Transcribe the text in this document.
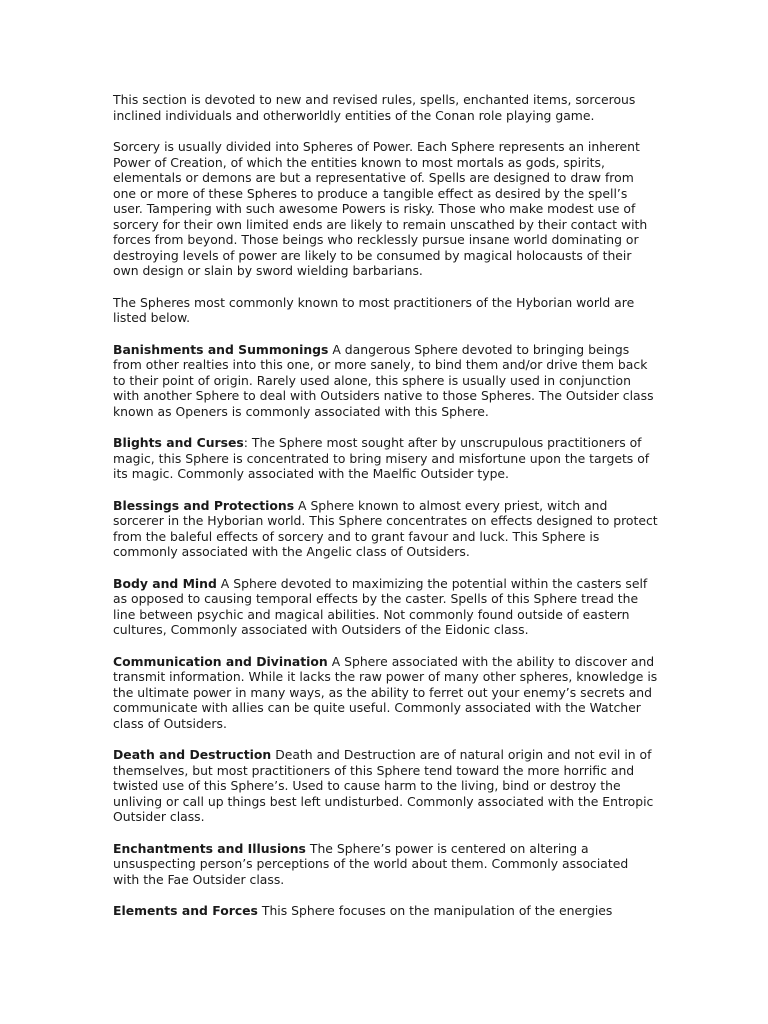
This section is devoted to new and revised rules, spells, enchanted items, sorcerous inclined individuals and otherworldly entities of the Conan role playing game.

Sorcery is usually divided into Spheres of Power. Each Sphere represents an inherent Power of Creation, of which the entities known to most mortals as gods, spirits, elementals or demons are but a representative of. Spells are designed to draw from one or more of these Spheres to produce a tangible effect as desired by the spell’s user. Tampering with such awesome Powers is risky. Those who make modest use of sorcery for their own limited ends are likely to remain unscathed by their contact with forces from beyond. Those beings who recklessly pursue insane world dominating or destroying levels of power are likely to be consumed by magical holocausts of their own design or slain by sword wielding barbarians.

The Spheres most commonly known to most practitioners of the Hyborian world are listed below.

Banishments and Summonings A dangerous Sphere devoted to bringing beings from other realties into this one, or more sanely, to bind them and/or drive them back to their point of origin. Rarely used alone, this sphere is usually used in conjunction with another Sphere to deal with Outsiders native to those Spheres. The Outsider class known as Openers is commonly associated with this Sphere.

Blights and Curses: The Sphere most sought after by unscrupulous practitioners of magic, this Sphere is concentrated to bring misery and misfortune upon the targets of its magic. Commonly associated with the Maelfic Outsider type.

Blessings and Protections A Sphere known to almost every priest, witch and sorcerer in the Hyborian world. This Sphere concentrates on effects designed to protect from the baleful effects of sorcery and to grant favour and luck. This Sphere is commonly associated with the Angelic class of Outsiders.

Body and Mind A Sphere devoted to maximizing the potential within the casters self as opposed to causing temporal effects by the caster. Spells of this Sphere tread the line between psychic and magical abilities. Not commonly found outside of eastern cultures, Commonly associated with Outsiders of the Eidonic class.

Communication and Divination A Sphere associated with the ability to discover and transmit information. While it lacks the raw power of many other spheres, knowledge is the ultimate power in many ways, as the ability to ferret out your enemy’s secrets and communicate with allies can be quite useful. Commonly associated with the Watcher class of Outsiders.

Death and Destruction Death and Destruction are of natural origin and not evil in of themselves, but most practitioners of this Sphere tend toward the more horrific and twisted use of this Sphere’s. Used to cause harm to the living, bind or destroy the unliving or call up things best left undisturbed. Commonly associated with the Entropic Outsider class.

Enchantments and Illusions The Sphere’s power is centered on altering a unsuspecting person’s perceptions of the world about them. Commonly associated with the Fae Outsider class.

Elements and Forces This Sphere focuses on the manipulation of the energies
